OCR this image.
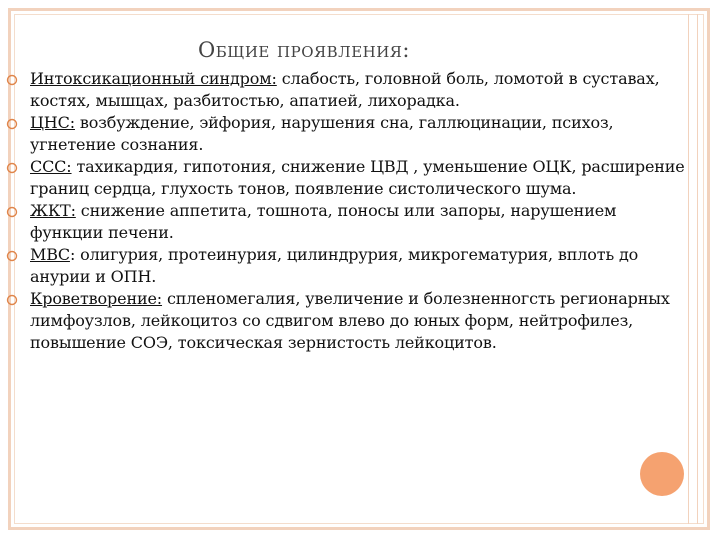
Общие проявления:
Интоксикационный синдром: слабость, головной боль, ломотой в суставах, костях, мышцах, разбитостью, апатией, лихорадка.
ЦНС: возбуждение, эйфория, нарушения сна, галлюцинации, психоз, угнетение сознания.
ССС: тахикардия, гипотония, снижение ЦВД , уменьшение ОЦК, расширение границ сердца, глухость тонов, появление систолического шума.
ЖКТ: снижение аппетита, тошнота, поносы или запоры, нарушением функции печени.
МВС: олигурия, протеинурия, цилиндрурия, микрогематурия, вплоть до анурии и ОПН.
Кроветворение: спленомегалия, увеличение и болезненногсть регионарных лимфоузлов, лейкоцитоз со сдвигом влево до юных форм, нейтрофилез, повышение СОЭ, токсическая зернистость лейкоцитов.
